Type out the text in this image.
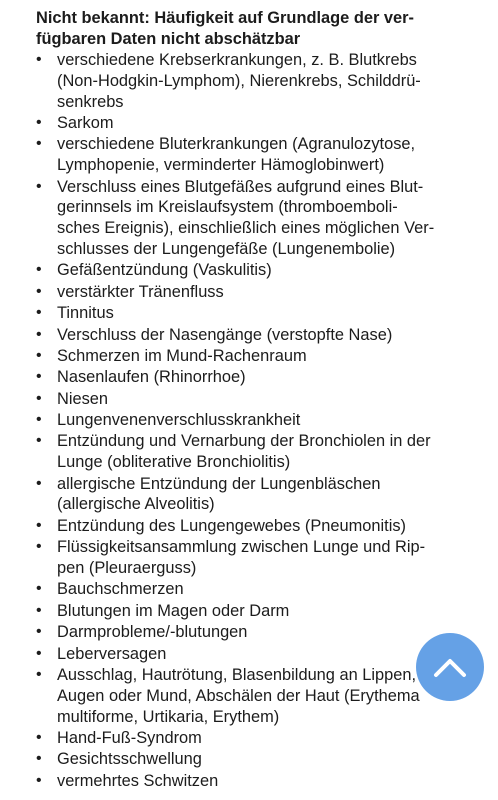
Nicht bekannt: Häufigkeit auf Grundlage der ver-
fügbaren Daten nicht abschätzbar
• verschiedene Krebserkrankungen, z. B. Blutkrebs
(Non-Hodgkin-Lymphom), Nierenkrebs, Schilddrü-
senkrebs
• Sarkom
• verschiedene Bluterkrankungen (Agranulozytose,
Lymphopenie, verminderter Hämoglobinwert)
• Verschluss eines Blutgefäßes aufgrund eines Blut-
gerinnsels im Kreislaufsystem (thromboemboli-
sches Ereignis), einschließlich eines möglichen Ver-
schlusses der Lungengefäße (Lungenembolie)
• Gefäßentzündung (Vaskulitis)
• verstärkter Tränenfluss
• Tinnitus
• Verschluss der Nasengänge (verstopfte Nase)
• Schmerzen im Mund-Rachenraum
• Nasenlaufen (Rhinorrhoe)
• Niesen
• Lungenvenenverschlusskrankheit
• Entzündung und Vernarbung der Bronchiolen in der
Lunge (obliterative Bronchiolitis)
• allergische Entzündung der Lungenbläschen
(allergische Alveolitis)
• Entzündung des Lungengewebes (Pneumonitis)
• Flüssigkeitsansammlung zwischen Lunge und Rip-
pen (Pleuraerguss)
• Bauchschmerzen
• Blutungen im Magen oder Darm
• Darmprobleme/-blutungen
• Leberversagen
• Ausschlag, Hautrötung, Blasenbildung an Lippen,
Augen oder Mund, Abschälen der Haut (Erythema
multiforme, Urtikaria, Erythem)
• Hand-Fuß-Syndrom
• Gesichtsschwellung
• vermehrtes Schwitzen
